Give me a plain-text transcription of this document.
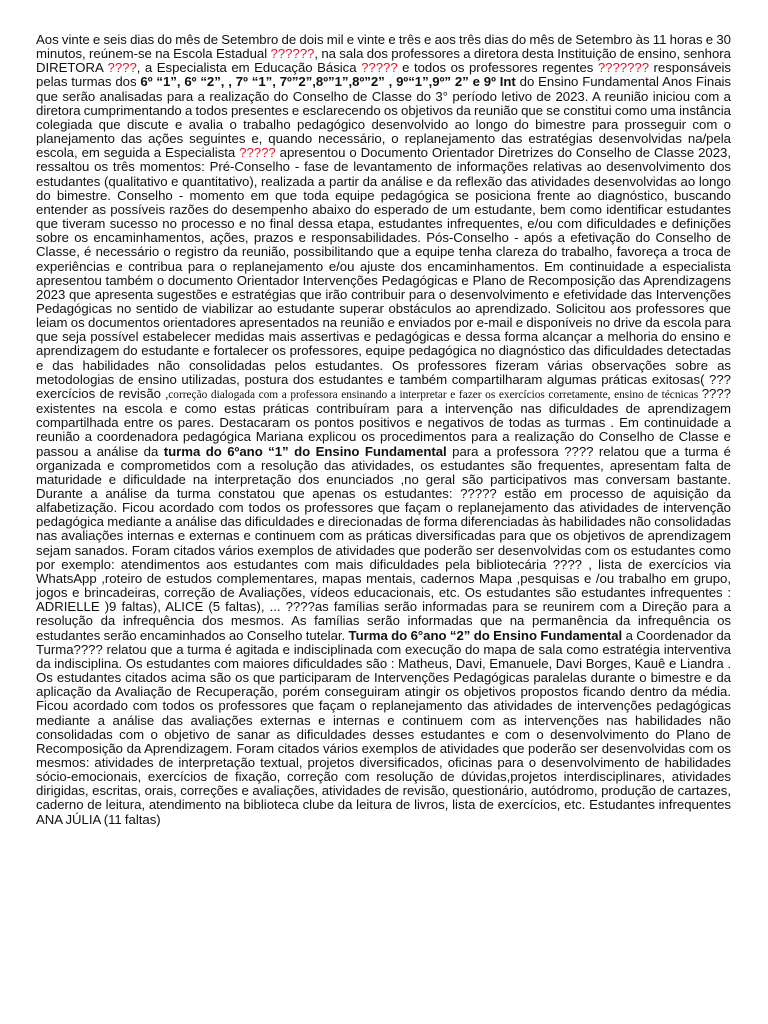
Aos vinte e seis dias do mês de Setembro de dois mil e vinte e três e aos três dias do mês de Setembro às 11 horas e 30 minutos, reúnem-se na Escola Estadual ??????, na sala dos professores a diretora desta Instituição de ensino, senhora DIRETORA ????, a Especialista em Educação Básica ????? e todos os professores regentes ??????? responsáveis pelas turmas dos 6º “1”, 6º “2”, , 7º “1”, 7º”2”,8º”1”,8º”2” , 9º“1”,9º” 2” e 9º Int do Ensino Fundamental Anos Finais que serão analisadas para a realização do Conselho de Classe do 3° período letivo de 2023. A reunião iniciou com a diretora cumprimentando a todos presentes e esclarecendo os objetivos da reunião que se constitui como uma instância colegiada que discute e avalia o trabalho pedagógico desenvolvido ao longo do bimestre para prosseguir com o planejamento das ações seguintes e, quando necessário, o replanejamento das estratégias desenvolvidas na/pela escola, em seguida a Especialista ????? apresentou o Documento Orientador Diretrizes do Conselho de Classe 2023, ressaltou os três momentos: Pré-Conselho - fase de levantamento de informações relativas ao desenvolvimento dos estudantes (qualitativo e quantitativo), realizada a partir da análise e da reflexão das atividades desenvolvidas ao longo do bimestre. Conselho - momento em que toda equipe pedagógica se posiciona frente ao diagnóstico, buscando entender as possíveis razões do desempenho abaixo do esperado de um estudante, bem como identificar estudantes que tiveram sucesso no processo e no final dessa etapa, estudantes infrequentes, e/ou com dificuldades e definições sobre os encaminhamentos, ações, prazos e responsabilidades. Pós-Conselho - após a efetivação do Conselho de Classe, é necessário o registro da reunião, possibilitando que a equipe tenha clareza do trabalho, favoreça a troca de experiências e contribua para o replanejamento e/ou ajuste dos encaminhamentos. Em continuidade a especialista apresentou também o documento Orientador Intervenções Pedagógicas e Plano de Recomposição das Aprendizagens 2023 que apresenta sugestões e estratégias que irão contribuir para o desenvolvimento e efetividade das Intervenções Pedagógicas no sentido de viabilizar ao estudante superar obstáculos ao aprendizado. Solicitou aos professores que leiam os documentos orientadores apresentados na reunião e enviados por e-mail e disponíveis no drive da escola para que seja possível estabelecer medidas mais assertivas e pedagógicas e dessa forma alcançar a melhoria do ensino e aprendizagem do estudante e fortalecer os professores, equipe pedagógica no diagnóstico das dificuldades detectadas e das habilidades não consolidadas pelos estudantes. Os professores fizeram várias observações sobre as metodologias de ensino utilizadas, postura dos estudantes e também compartilharam algumas práticas exitosas( ??? exercícios de revisão ,correção dialogada com a professora ensinando a interpretar e fazer os exercícios corretamente, ensino de técnicas ???? existentes na escola e como estas práticas contribuíram para a intervenção nas dificuldades de aprendizagem compartilhada entre os pares. Destacaram os pontos positivos e negativos de todas as turmas . Em continuidade a reunião a coordenadora pedagógica Mariana explicou os procedimentos para a realização do Conselho de Classe e passou a análise da turma do 6ºano “1” do Ensino Fundamental para a professora ???? relatou que a turma é organizada e comprometidos com a resolução das atividades, os estudantes são frequentes, apresentam falta de maturidade e dificuldade na interpretação dos enunciados ,no geral são participativos mas conversam bastante. Durante a análise da turma constatou que apenas os estudantes: ????? estão em processo de aquisição da alfabetização. Ficou acordado com todos os professores que façam o replanejamento das atividades de intervenção pedagógica mediante a análise das dificuldades e direcionadas de forma diferenciadas às habilidades não consolidadas nas avaliações internas e externas e continuem com as práticas diversificadas para que os objetivos de aprendizagem sejam sanados. Foram citados vários exemplos de atividades que poderão ser desenvolvidas com os estudantes como por exemplo: atendimentos aos estudantes com mais dificuldades pela bibliotecária ???? , lista de exercícios via WhatsApp ,roteiro de estudos complementares, mapas mentais, cadernos Mapa ,pesquisas e /ou trabalho em grupo, jogos e brincadeiras, correção de Avaliações, vídeos educacionais, etc. Os estudantes são estudantes infrequentes : ADRIELLE )9 faltas), ALICE (5 faltas), ... ????as famílias serão informadas para se reunirem com a Direção para a resolução da infrequência dos mesmos. As famílias serão informadas que na permanência da infrequência os estudantes serão encaminhados ao Conselho tutelar. Turma do 6°ano “2” do Ensino Fundamental a Coordenador da Turma???? relatou que a turma é agitada e indisciplinada com execução do mapa de sala como estratégia interventiva da indisciplina. Os estudantes com maiores dificuldades são : Matheus, Davi, Emanuele, Davi Borges, Kauê e Liandra . Os estudantes citados acima são os que participaram de Intervenções Pedagógicas paralelas durante o bimestre e da aplicação da Avaliação de Recuperação, porém conseguiram atingir os objetivos propostos ficando dentro da média. Ficou acordado com todos os professores que façam o replanejamento das atividades de intervenções pedagógicas mediante a análise das avaliações externas e internas e continuem com as intervenções nas habilidades não consolidadas com o objetivo de sanar as dificuldades desses estudantes e com o desenvolvimento do Plano de Recomposição da Aprendizagem. Foram citados vários exemplos de atividades que poderão ser desenvolvidas com os mesmos: atividades de interpretação textual, projetos diversificados, oficinas para o desenvolvimento de habilidades sócio-emocionais, exercícios de fixação, correção com resolução de dúvidas,projetos interdisciplinares, atividades dirigidas, escritas, orais, correções e avaliações, atividades de revisão, questionário, autódromo, produção de cartazes, caderno de leitura, atendimento na biblioteca clube da leitura de livros, lista de exercícios, etc. Estudantes infrequentes ANA JÚLIA (11 faltas)
